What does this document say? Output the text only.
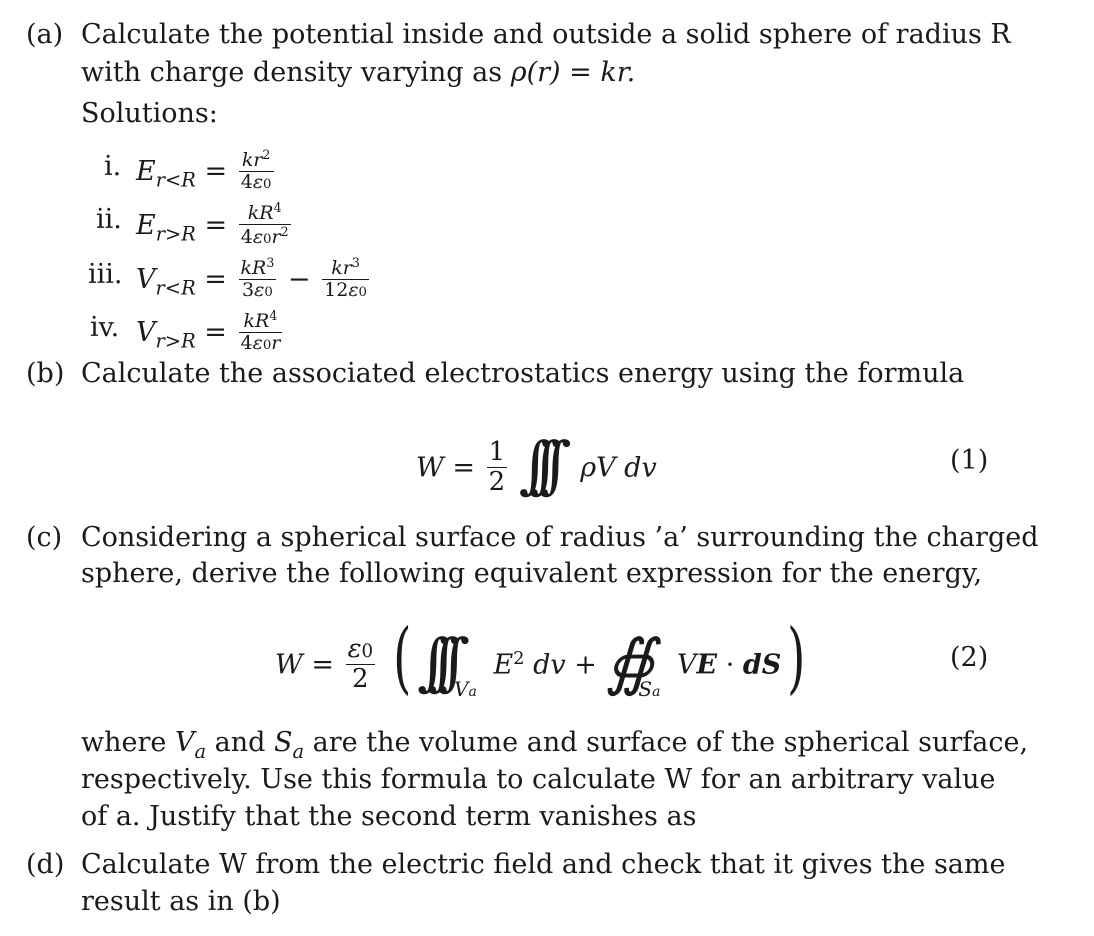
(a) Calculate the potential inside and outside a solid sphere of radius R
with charge density varying as ρ(r) = kr.
Solutions:
i. $E_{r<R} = \frac{kr^2}{4\varepsilon 0}$
ii. $E_{r>R} = \frac{kR^4}{4\varepsilon 0r^2}$
iii. $V_{r<R} = \frac{kR^3}{3\varepsilon 0} - \frac{kr^3}{12\varepsilon 0}$
iv. $V_{r>R} = \frac{kR^4}{4\varepsilon 0r}$
(b) Calculate the associated electrostatics energy using the formula
$W = \frac{1}{2}$ ∫∫∫ ρV dv	(1)
(c) Considering a spherical surface of radius ’a’ surrounding the charged
sphere, derive the following equivalent expression for the energy,
$W = \frac{\varepsilon 0}{2}$ (∫∫∫ $_{Va}$ $E^2$ dv + $∯_{Sa}$ VE · dS)	(2)
where $V_a$ and $S_a$ are the volume and surface of the spherical surface,
respectively. Use this formula to calculate W for an arbitrary value
of a. Justify that the second term vanishes as
(d) Calculate W from the electric field and check that it gives the same
result as in (b)
